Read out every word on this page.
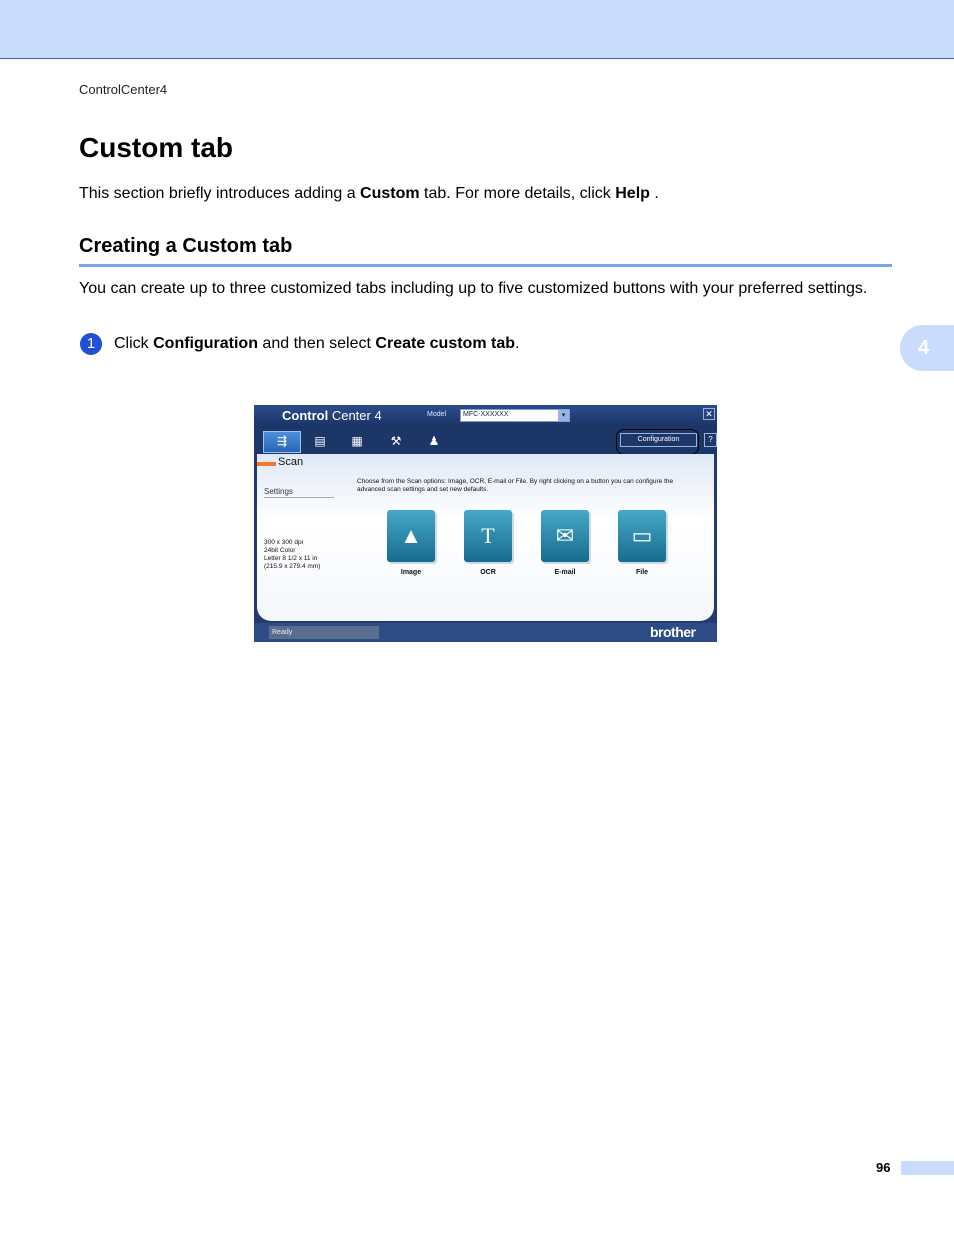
ControlCenter4
Custom tab
This section briefly introduces adding a Custom tab. For more details, click Help .
Creating a Custom tab
You can create up to three customized tabs including up to five customized buttons with your preferred settings.
1	Click Configuration and then select Create custom tab.	4
Control Center 4	Model MFC-XXXXXX	▾	✕
⇶	▤	▦	⚒	♟	Configuration	?
Scan
Settings
300 x 300 dpi
24bit Color
Letter 8 1/2 x 11 in
(215.9 x 279.4 mm)
Choose from the Scan options: Image, OCR, E-mail or File. By right clicking on a button you can configure the advanced scan settings and set new defaults.
▲
Image
T
OCR
✉
E-mail
▭
File
Ready	brother
96
